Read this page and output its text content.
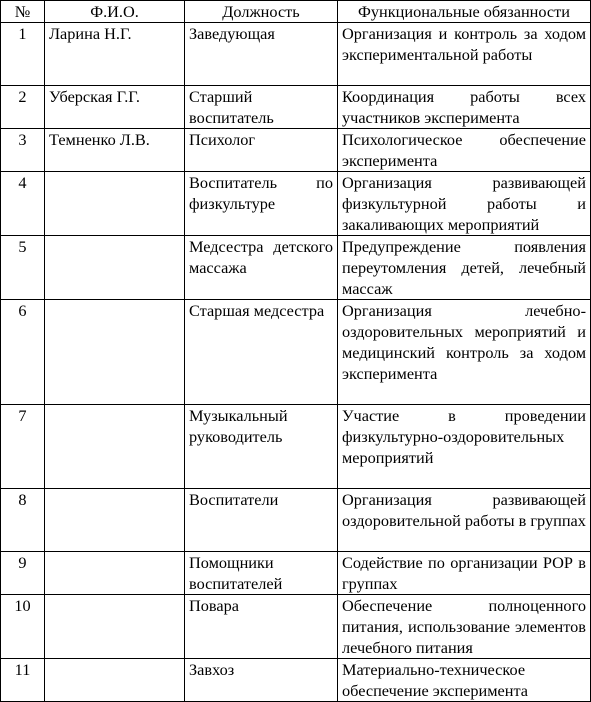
№	Ф.И.О.	Должность	Функциональные обязанности
1	Ларина Н.Г.	Заведующая	Организация и контроль за ходом экспериментальной работы
2	Уберская Г.Г.	Старший воспитатель	Координация работы всех участников эксперимента
3	Темненко Л.В.	Психолог	Психологическое обеспечение эксперимента
4		Воспитатель по физкультуре	Организация развивающей физкультурной работы и закаливающих мероприятий
5		Медсестра детского массажа	Предупреждение появления переутомления детей, лечебный массаж
6		Старшая медсестра	Организация лечебно-оздоровительных мероприятий и медицинский контроль за ходом эксперимента
7		Музыкальный руководитель	Участие в проведении физкультурно-оздоровительных мероприятий
8		Воспитатели	Организация развивающей оздоровительной работы в группах
9		Помощники воспитателей	Содействие по организации РОР в группах
10		Повара	Обеспечение полноценного питания, использование элементов лечебного питания
11		Завхоз	Материально-техническое обеспечение эксперимента
